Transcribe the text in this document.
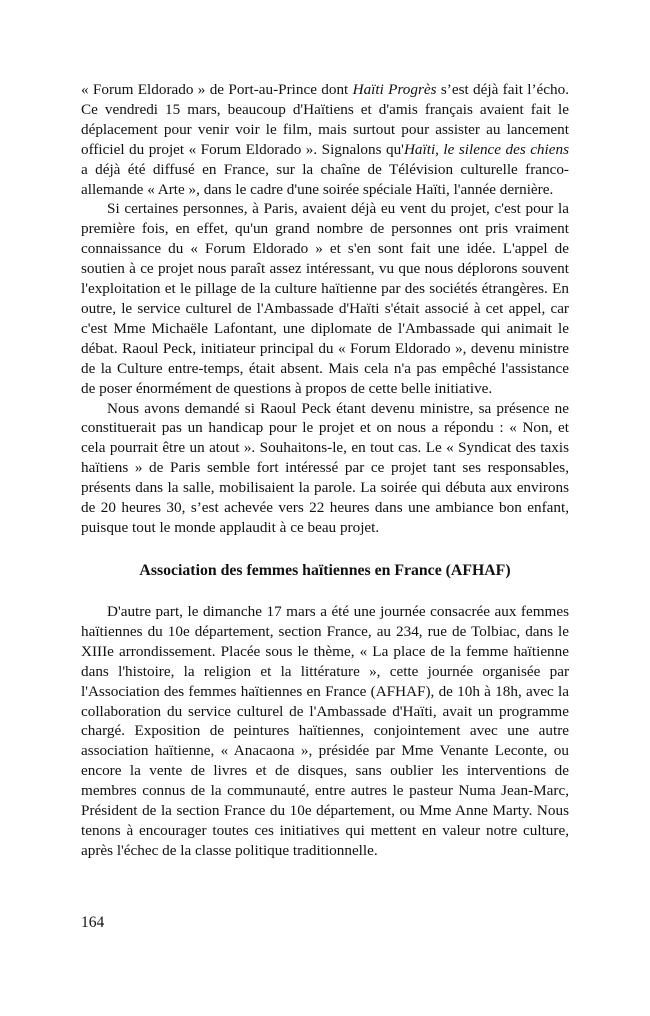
« Forum Eldorado » de Port-au-Prince dont Haïti Progrès s’est déjà fait l’écho. Ce vendredi 15 mars, beaucoup d'Haïtiens et d'amis français avaient fait le déplacement pour venir voir le film, mais surtout pour assister au lancement officiel du projet « Forum Eldorado ». Signalons qu'Haïti, le silence des chiens a déjà été diffusé en France, sur la chaîne de Télévision culturelle franco-allemande « Arte », dans le cadre d'une soirée spéciale Haïti, l'année dernière.

Si certaines personnes, à Paris, avaient déjà eu vent du projet, c'est pour la première fois, en effet, qu'un grand nombre de personnes ont pris vraiment connaissance du « Forum Eldorado » et s'en sont fait une idée. L'appel de soutien à ce projet nous paraît assez intéressant, vu que nous déplorons souvent l'exploitation et le pillage de la culture haïtienne par des sociétés étrangères. En outre, le service culturel de l'Ambassade d'Haïti s'était associé à cet appel, car c'est Mme Michaële Lafontant, une diplomate de l'Ambassade qui animait le débat. Raoul Peck, initiateur principal du « Forum Eldorado », devenu ministre de la Culture entre-temps, était absent. Mais cela n'a pas empêché l'assistance de poser énormément de questions à propos de cette belle initiative.

Nous avons demandé si Raoul Peck étant devenu ministre, sa présence ne constituerait pas un handicap pour le projet et on nous a répondu : « Non, et cela pourrait être un atout ». Souhaitons-le, en tout cas. Le « Syndicat des taxis haïtiens » de Paris semble fort intéressé par ce projet tant ses responsables, présents dans la salle, mobilisaient la parole. La soirée qui débuta aux environs de 20 heures 30, s’est achevée vers 22 heures dans une ambiance bon enfant, puisque tout le monde applaudit à ce beau projet.

Association des femmes haïtiennes en France (AFHAF)

D'autre part, le dimanche 17 mars a été une journée consacrée aux femmes haïtiennes du 10e département, section France, au 234, rue de Tolbiac, dans le XIIIe arrondissement. Placée sous le thème, « La place de la femme haïtienne dans l'histoire, la religion et la littérature », cette journée organisée par l'Association des femmes haïtiennes en France (AFHAF), de 10h à 18h, avec la collaboration du service culturel de l'Ambassade d'Haïti, avait un programme chargé. Exposition de peintures haïtiennes, conjointement avec une autre association haïtienne, « Anacaona », présidée par Mme Venante Leconte, ou encore la vente de livres et de disques, sans oublier les interventions de membres connus de la communauté, entre autres le pasteur Numa Jean-Marc, Président de la section France du 10e département, ou Mme Anne Marty. Nous tenons à encourager toutes ces initiatives qui mettent en valeur notre culture, après l'échec de la classe politique traditionnelle.

164
